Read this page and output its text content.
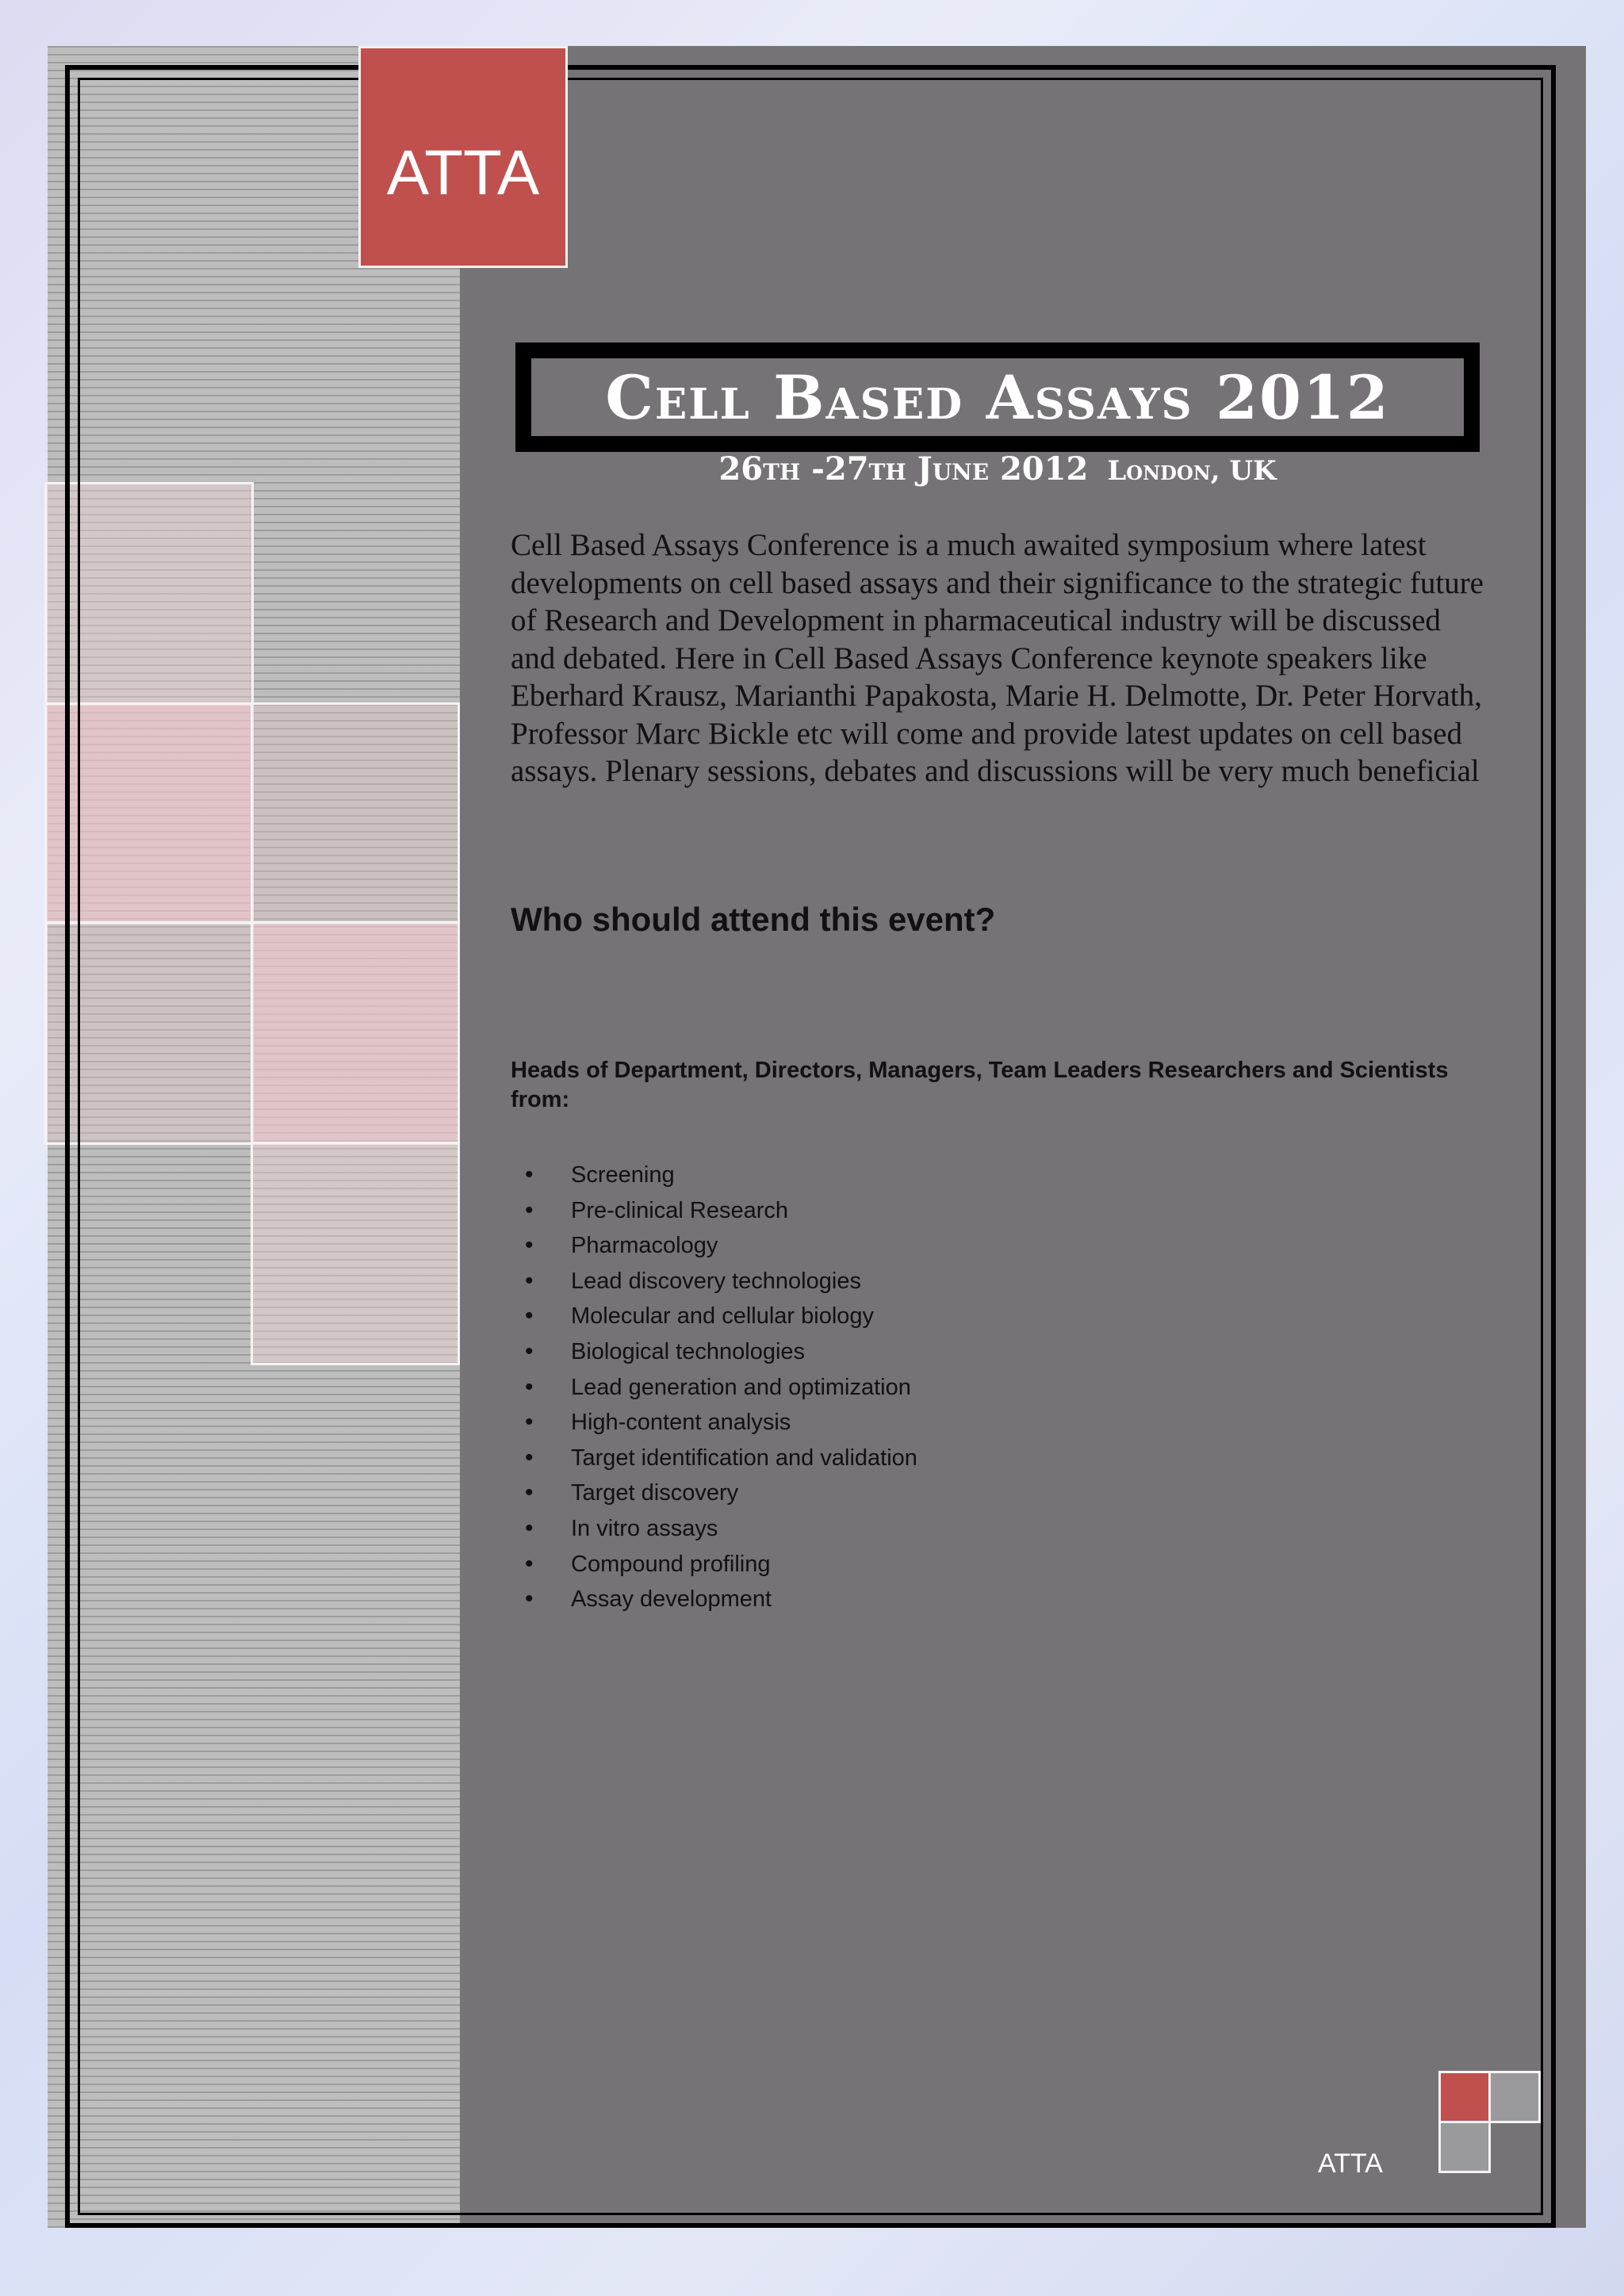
ATTA
Cell Based Assays 2012
26th -27th June 2012 London, UK

Cell Based Assays Conference is a much awaited symposium where latest developments on cell based assays and their significance to the strategic future of Research and Development in pharmaceutical industry will be discussed and debated. Here in Cell Based Assays Conference keynote speakers like Eberhard Krausz, Marianthi Papakosta, Marie H. Delmotte, Dr. Peter Horvath, Professor Marc Bickle etc will come and provide latest updates on cell based assays. Plenary sessions, debates and discussions will be very much beneficial

Who should attend this event?

Heads of Department, Directors, Managers, Team Leaders Researchers and Scientists from:

• Screening
• Pre-clinical Research
• Pharmacology
• Lead discovery technologies
• Molecular and cellular biology
• Biological technologies
• Lead generation and optimization
• High-content analysis
• Target identification and validation
• Target discovery
• In vitro assays
• Compound profiling
• Assay development
ATTA
